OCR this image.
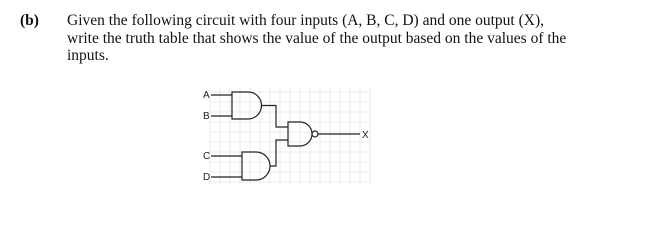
(b) Given the following circuit with four inputs (A, B, C, D) and one output (X),
write the truth table that shows the value of the output based on the values of the
inputs.
A
B
C
D
X
